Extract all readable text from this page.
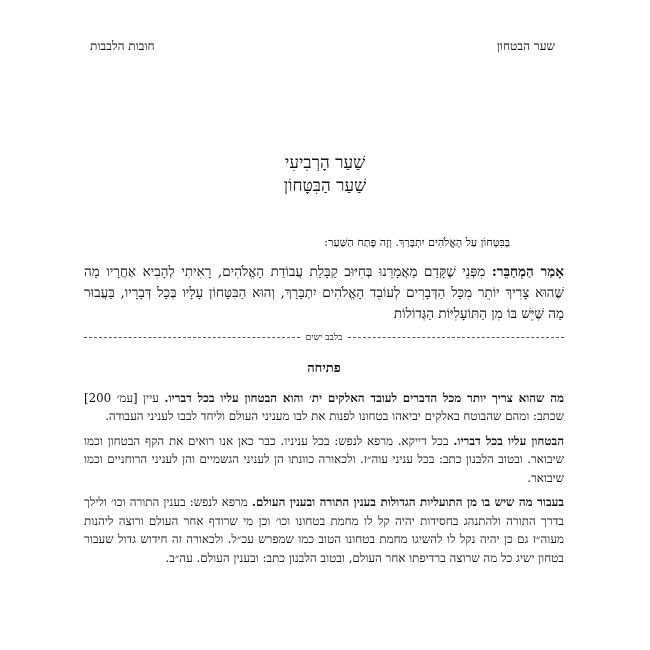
שער הבטחון
חובות הלבבות
שַׁעַר הָרְבִיעִי
שַׁעַר הַבִּטָּחוֹן
בַּבִּטָּחוֹן עַל הָאֱלֹהִים יִתְבָּרַךְ. וְזֶה פֶּתַח הַשַּׁעַר:

אָמַר הַמְחַבֵּר: מִפְּנֵי שֶׁקָּדַם מַאֲמָרֵנוּ בְּחִיּוּב קַבָּלַת עֲבוֹדַת הָאֱלֹהִים, רָאִיתִי לְהָבִיא אַחֲרָיו מַה שֶּׁהוּא צָרִיךְ יוֹתֵר מִכָּל הַדְּבָרִים לְעוֹבֵד הָאֱלֹהִים יִתְבָּרַךְ, וְהוּא הַבִּטָּחוֹן עָלָיו בְּכָל דְּבָרָיו, בַּעֲבוּר מַה שֶּׁיֵּשׁ בּוֹ מִן הַתּוֹעָלִיּוֹת הַגְּדוֹלוֹת

בלבב ישים
פתיחה

מה שהוא צריך יותר מכל הדברים לעובד האלקים ית׳ והוא הבטחון עליו בכל דבריו. עיין [עמ׳ 200] שכתב: ומהם שהבוטח באלקים יביאהו בטחונו לפנות את לבו מעניני העולם וליחד לבבו לעניני העבודה.

הבטחון עליו בכל דבריו. בכל דייקא. מרפא לנפש: בכל עניניו. כבר כאן אנו רואים את הקף הבטחון וכמו שיבואר. ובטוב הלבנון כתב: בכל עניני עוה״ז. ולכאורה כוונתו הן לעניני הגשמיים והן לעניני הרוחניים וכמו שיבואר.

בעבור מה שיש בו מן התועליות הגדולות בענין התורה ובענין העולם. מרפא לנפש: בענין התורה וכו׳ ולילך בדרך התורה ולהתנהג בחסידות יהיה קל לו מחמת בטחונו וכו׳ וכן מי שרודף אחר העולם ורוצה ליהנות מעוה״ז גם כן יהיה נקל לו להשיגו מחמת בטחונו הטוב כמו שמפרש עכ״ל. ולכאורה זה חידוש גדול שעבור בטחון ישיג כל מה שרוצה ברדיפתו אחר העולם, ובטוב הלבנון כתב: ובענין העולם. עה״ב.
